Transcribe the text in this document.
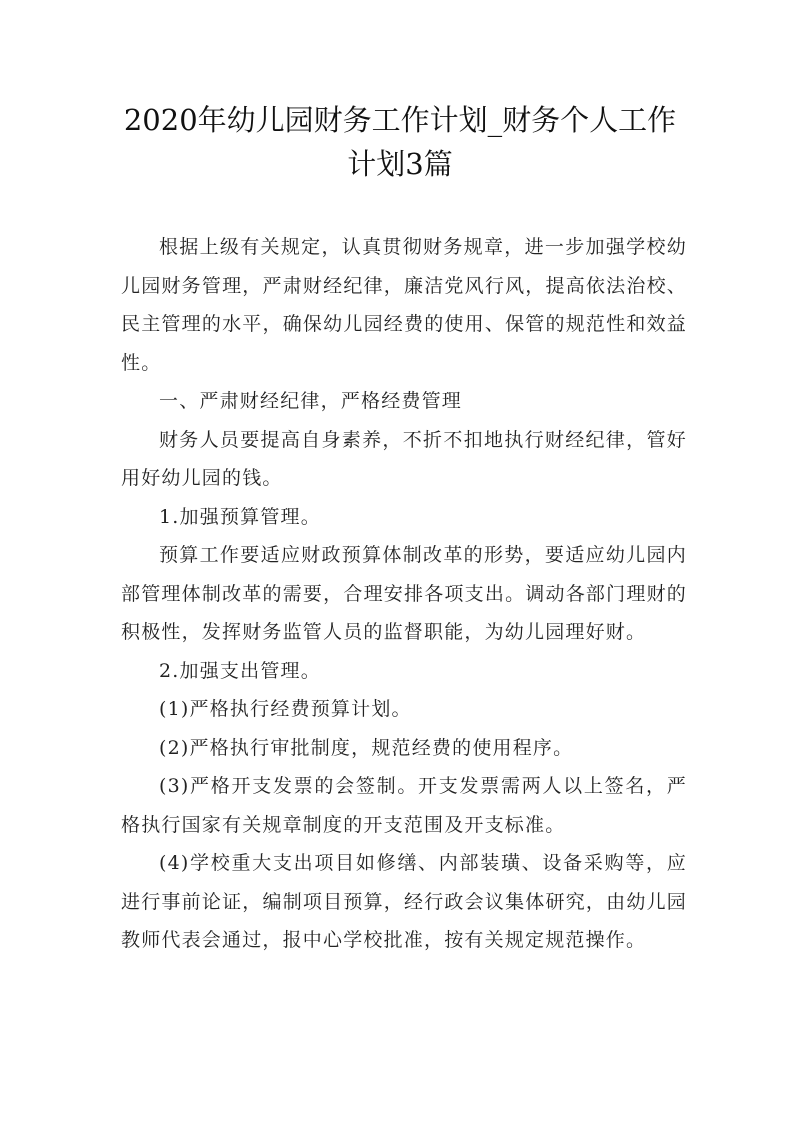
2020年幼儿园财务工作计划_财务个人工作
计划3篇

根据上级有关规定，认真贯彻财务规章，进一步加强学校幼儿园财务管理，严肃财经纪律，廉洁党风行风，提高依法治校、民主管理的水平，确保幼儿园经费的使用、保管的规范性和效益性。

一、严肃财经纪律，严格经费管理

财务人员要提高自身素养，不折不扣地执行财经纪律，管好用好幼儿园的钱。

1.加强预算管理。

预算工作要适应财政预算体制改革的形势，要适应幼儿园内部管理体制改革的需要，合理安排各项支出。调动各部门理财的积极性，发挥财务监管人员的监督职能，为幼儿园理好财。

2.加强支出管理。

(1)严格执行经费预算计划。

(2)严格执行审批制度，规范经费的使用程序。

(3)严格开支发票的会签制。开支发票需两人以上签名，严格执行国家有关规章制度的开支范围及开支标准。

(4)学校重大支出项目如修缮、内部装璜、设备采购等，应进行事前论证，编制项目预算，经行政会议集体研究，由幼儿园教师代表会通过，报中心学校批准，按有关规定规范操作。
